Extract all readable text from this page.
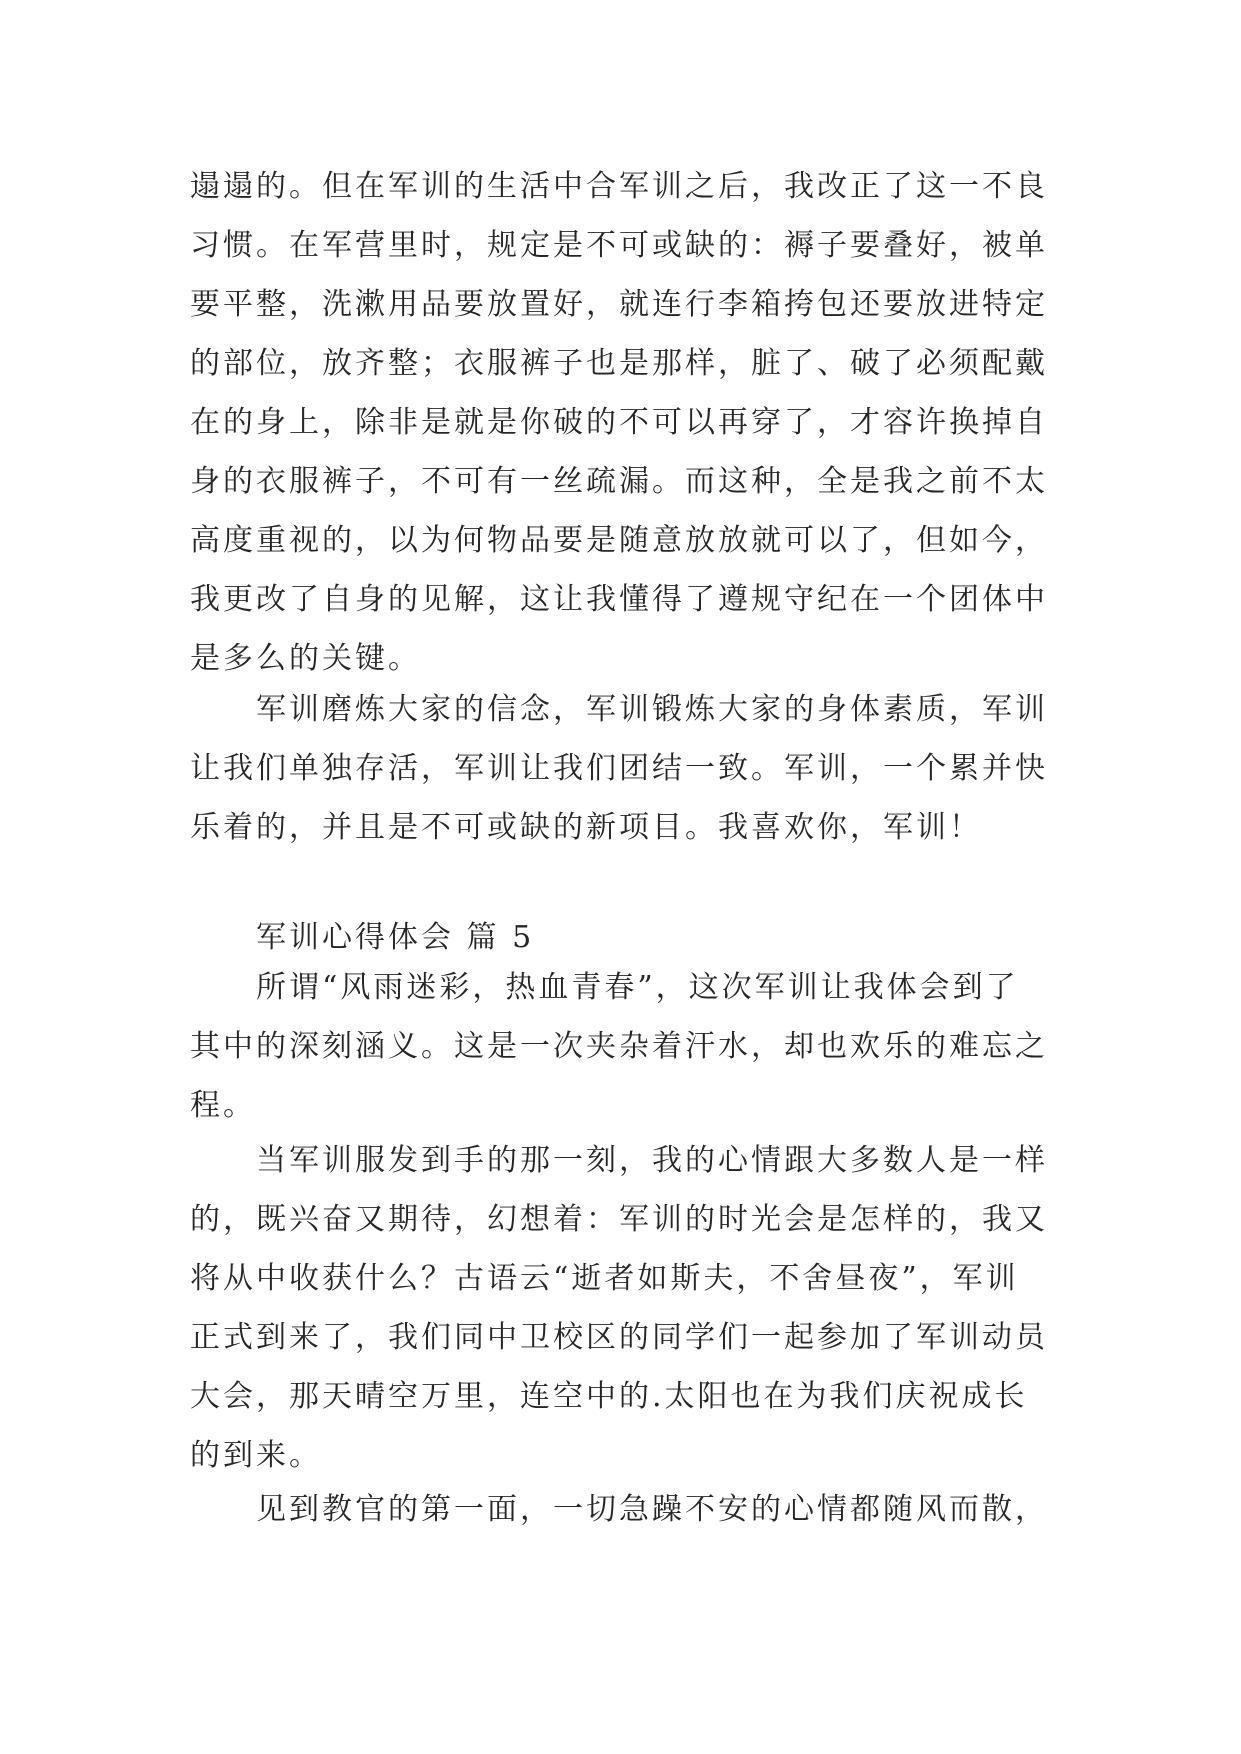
遢遢的。但在军训的生活中合军训之后，我改正了这一不良
习惯。在军营里时，规定是不可或缺的：褥子要叠好，被单
要平整，洗漱用品要放置好，就连行李箱挎包还要放进特定
的部位，放齐整；衣服裤子也是那样，脏了、破了必须配戴
在的身上，除非是就是你破的不可以再穿了，才容许换掉自
身的衣服裤子，不可有一丝疏漏。而这种，全是我之前不太
高度重视的，以为何物品要是随意放放就可以了，但如今，
我更改了自身的见解，这让我懂得了遵规守纪在一个团体中
是多么的关键。
　　军训磨炼大家的信念，军训锻炼大家的身体素质，军训
让我们单独存活，军训让我们团结一致。军训，一个累并快
乐着的，并且是不可或缺的新项目。我喜欢你，军训！
　　军训心得体会 篇 5
　　所谓“风雨迷彩，热血青春”，这次军训让我体会到了
其中的深刻涵义。这是一次夹杂着汗水，却也欢乐的难忘之
程。
　　当军训服发到手的那一刻，我的心情跟大多数人是一样
的，既兴奋又期待，幻想着：军训的时光会是怎样的，我又
将从中收获什么？古语云“逝者如斯夫，不舍昼夜”，军训
正式到来了，我们同中卫校区的同学们一起参加了军训动员
大会，那天晴空万里，连空中的.太阳也在为我们庆祝成长
的到来。
　　见到教官的第一面，一切急躁不安的心情都随风而散，
